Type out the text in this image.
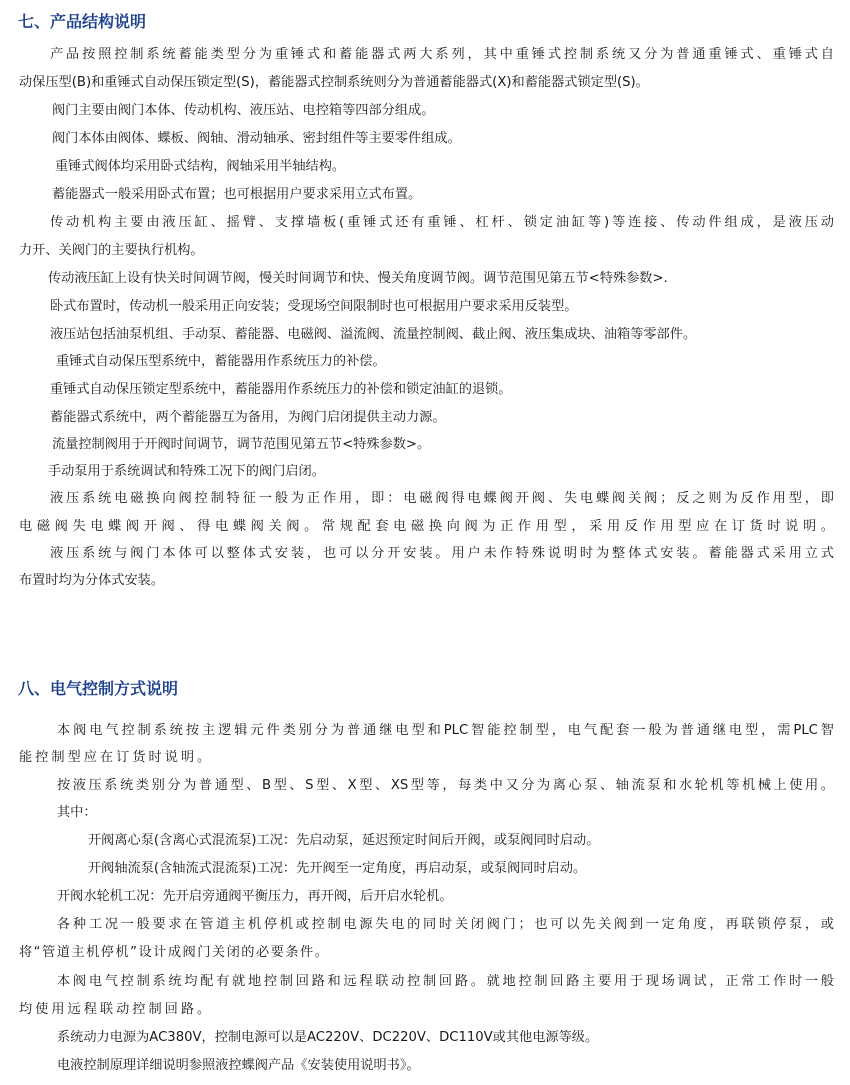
七、产品结构说明
产品按照控制系统蓄能类型分为重锤式和蓄能器式两大系列，其中重锤式控制系统又分为普通重锤式、重锤式自
动保压型(B)和重锤式自动保压锁定型(S)，蓄能器式控制系统则分为普通蓄能器式(X)和蓄能器式锁定型(S)。
阀门主要由阀门本体、传动机构、液压站、电控箱等四部分组成。
阀门本体由阀体、蝶板、阀轴、滑动轴承、密封组件等主要零件组成。
重锤式阀体均采用卧式结构，阀轴采用半轴结构。
蓄能器式一般采用卧式布置；也可根据用户要求采用立式布置。
传动机构主要由液压缸、摇臂、支撑墙板(重锤式还有重锤、杠杆、锁定油缸等)等连接、传动件组成，是液压动
力开、关阀门的主要执行机构。
传动液压缸上设有快关时间调节阀，慢关时间调节和快、慢关角度调节阀。调节范围见第五节<特殊参数>.
卧式布置时，传动机一般采用正向安装；受现场空间限制时也可根据用户要求采用反装型。
液压站包括油泵机组、手动泵、蓄能器、电磁阀、溢流阀、流量控制阀、截止阀、液压集成块、油箱等零部件。
重锤式自动保压型系统中，蓄能器用作系统压力的补偿。
重锤式自动保压锁定型系统中，蓄能器用作系统压力的补偿和锁定油缸的退锁。
蓄能器式系统中，两个蓄能器互为备用，为阀门启闭提供主动力源。
流量控制阀用于开阀时间调节，调节范围见第五节<特殊参数>。
手动泵用于系统调试和特殊工况下的阀门启闭。
液压系统电磁换向阀控制特征一般为正作用，即：电磁阀得电蝶阀开阀、失电蝶阀关阀；反之则为反作用型，即
电磁阀失电蝶阀开阀、得电蝶阀关阀。常规配套电磁换向阀为正作用型，采用反作用型应在订货时说明。
液压系统与阀门本体可以整体式安装，也可以分开安装。用户未作特殊说明时为整体式安装。蓄能器式采用立式
布置时均为分体式安装。
八、电气控制方式说明
本阀电气控制系统按主逻辑元件类别分为普通继电型和PLC智能控制型，电气配套一般为普通继电型，需PLC智
能控制型应在订货时说明。
按液压系统类别分为普通型、B型、S型、X型、XS型等，每类中又分为离心泵、轴流泵和水轮机等机械上使用。
其中：
开阀离心泵(含离心式混流泵)工况：先启动泵，延迟预定时间后开阀，或泵阀同时启动。
开阀轴流泵(含轴流式混流泵)工况：先开阀至一定角度，再启动泵，或泵阀同时启动。
开阀水轮机工况：先开启旁通阀平衡压力，再开阀，后开启水轮机。
各种工况一般要求在管道主机停机或控制电源失电的同时关闭阀门；也可以先关阀到一定角度，再联锁停泵，或
将“管道主机停机”设计成阀门关闭的必要条件。
本阀电气控制系统均配有就地控制回路和远程联动控制回路。就地控制回路主要用于现场调试，正常工作时一般
均使用远程联动控制回路。
系统动力电源为AC380V，控制电源可以是AC220V、DC220V、DC110V或其他电源等级。
电液控制原理详细说明参照液控蝶阀产品《安装使用说明书》。
